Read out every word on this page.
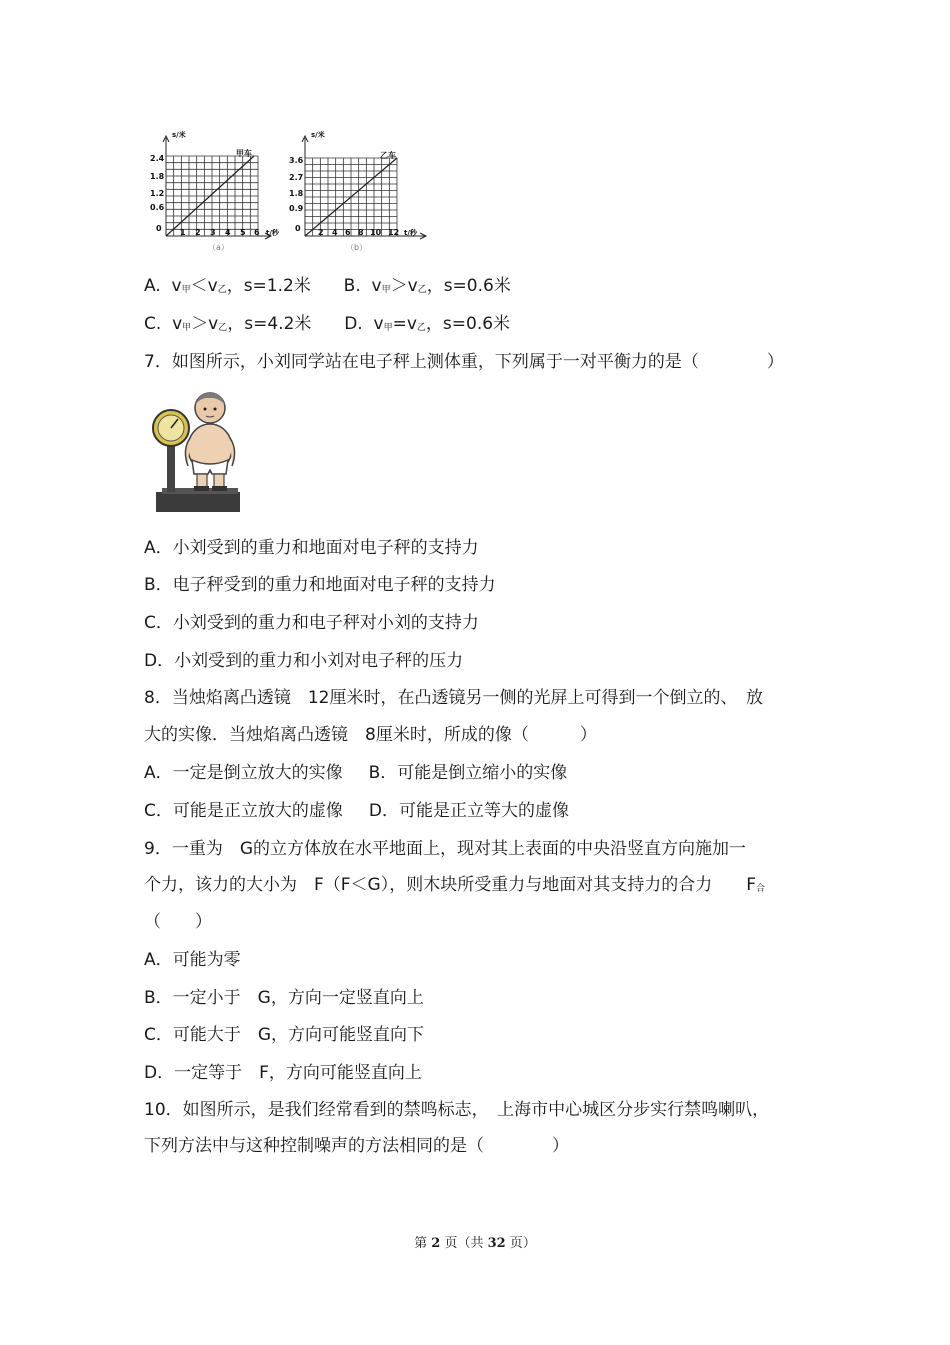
s/米
甲车
2.4
1.8
1.2
0.6
0 1 2 3 4 5 6 t/秒
（a）
s/米
乙车
3.6
2.7
1.8
0.9
0 2 4 6 8 10 12 t/秒
（b）
A. v甲＜v乙，s=1.2米 B. v甲＞v乙，s=0.6米
C. v甲＞v乙，s=4.2米 D. v甲=v乙，s=0.6米
7．如图所示，小刘同学站在电子秤上测体重，下列属于一对平衡力的是（　　　　）
A．小刘受到的重力和地面对电子秤的支持力
B．电子秤受到的重力和地面对电子秤的支持力
C．小刘受到的重力和电子秤对小刘的支持力
D．小刘受到的重力和小刘对电子秤的压力
8．当烛焰离凸透镜　12厘米时，在凸透镜另一侧的光屏上可得到一个倒立的、　放
大的实像．当烛焰离凸透镜　8厘米时，所成的像（　　　）
A．一定是倒立放大的实像 B．可能是倒立缩小的实像
C．可能是正立放大的虚像 D．可能是正立等大的虚像
9．一重为　G的立方体放在水平地面上，现对其上表面的中央沿竖直方向施加一
个力，该力的大小为　F（F＜G），则木块所受重力与地面对其支持力的合力　　F合
（　　）
A．可能为零
B．一定小于　G，方向一定竖直向上
C．可能大于　G，方向可能竖直向下
D．一定等于　F，方向可能竖直向上
10．如图所示，是我们经常看到的禁鸣标志，　上海市中心城区分步实行禁鸣喇叭，
下列方法中与这种控制噪声的方法相同的是（　　　　）
第 2 页（共 32 页）
